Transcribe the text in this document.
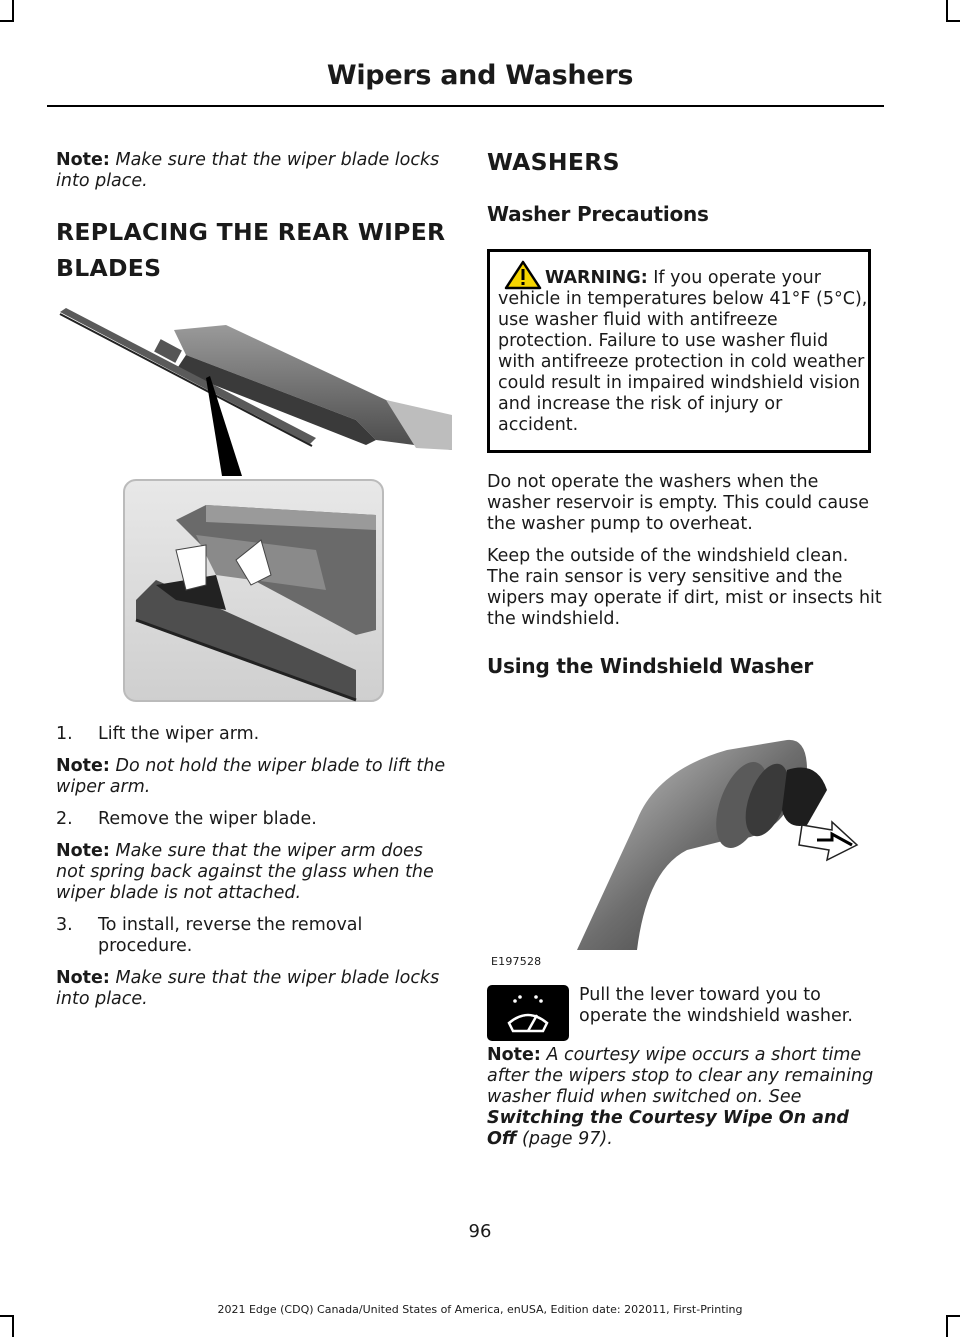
Wipers and Washers

Note: Make sure that the wiper blade locks into place.

REPLACING THE REAR WIPER
BLADES

1. Lift the wiper arm.

Note: Do not hold the wiper blade to lift the wiper arm.

2. Remove the wiper blade.

Note: Make sure that the wiper arm does not spring back against the glass when the wiper blade is not attached.

3. To install, reverse the removal procedure.

Note: Make sure that the wiper blade locks into place.

WASHERS
Washer Precautions
WARNING: If you operate your vehicle in temperatures below 41°F (5°C), use washer fluid with antifreeze protection. Failure to use washer fluid with antifreeze protection in cold weather could result in impaired windshield vision and increase the risk of injury or accident.

Do not operate the washers when the washer reservoir is empty. This could cause the washer pump to overheat.

Keep the outside of the windshield clean. The rain sensor is very sensitive and the wipers may operate if dirt, mist or insects hit the windshield.

Using the Windshield Washer
E197528
Pull the lever toward you to operate the windshield washer.

Note: A courtesy wipe occurs a short time after the wipers stop to clear any remaining washer fluid when switched on. See Switching the Courtesy Wipe On and Off (page 97).

96
2021 Edge (CDQ) Canada/United States of America, enUSA, Edition date: 202011, First-Printing
